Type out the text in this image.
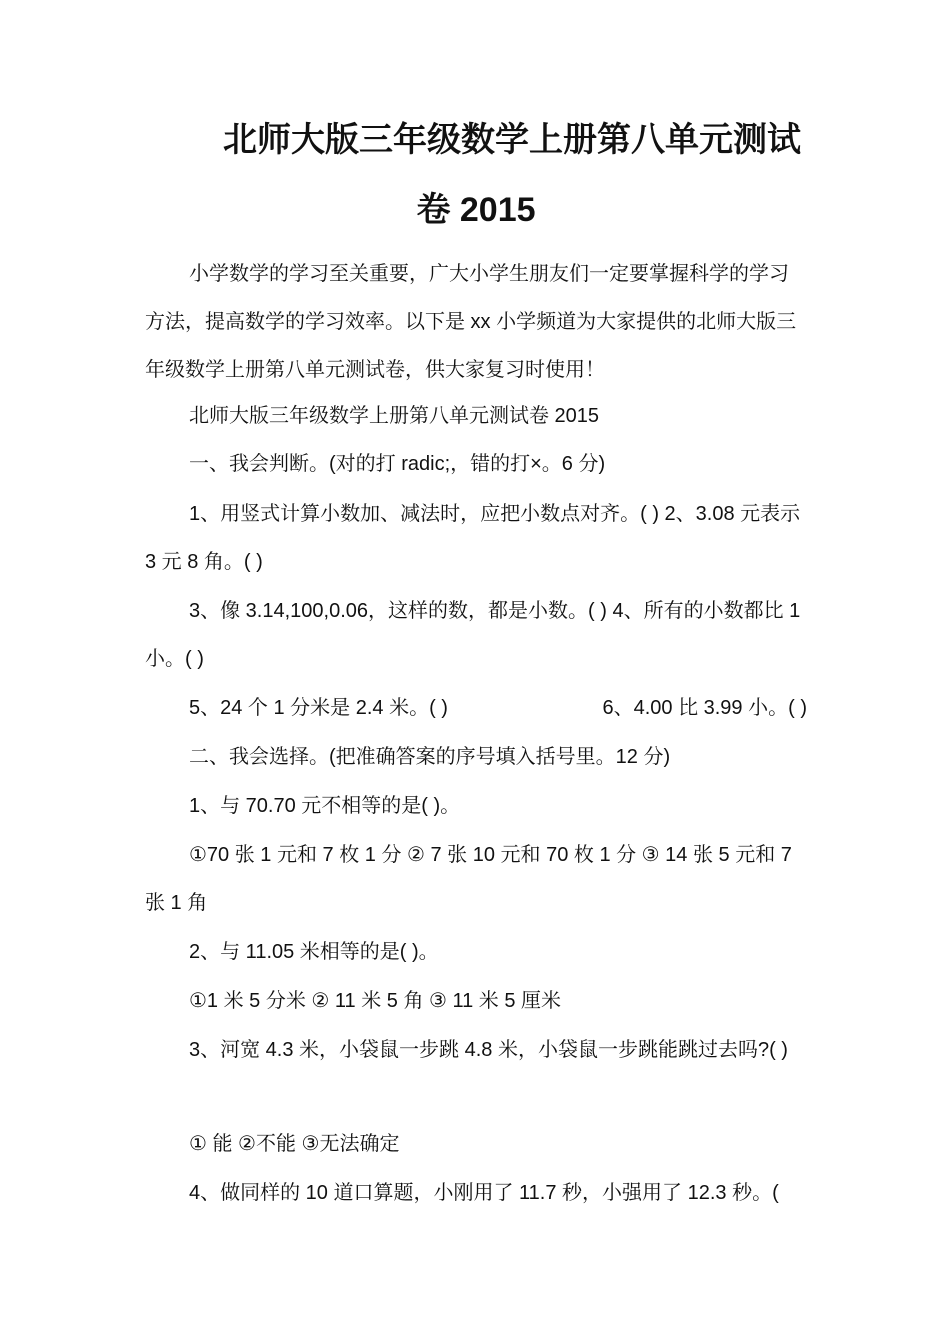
北师大版三年级数学上册第八单元测试
卷 2015
小学数学的学习至关重要，广大小学生朋友们一定要掌握科学的学习方法，提高数学的学习效率。以下是 xx 小学频道为大家提供的北师大版三年级数学上册第八单元测试卷，供大家复习时使用！
北师大版三年级数学上册第八单元测试卷 2015
一、我会判断。(对的打 radic;，错的打×。6 分)
1、用竖式计算小数加、减法时，应把小数点对齐。( ) 2、3.08 元表示 3 元 8 角。( )
3、像 3.14,100,0.06，这样的数，都是小数。( ) 4、所有的小数都比 1 小。( )
5、24 个 1 分米是 2.4 米。( )	6、4.00 比 3.99 小。( )
二、我会选择。(把准确答案的序号填入括号里。12 分)
1、与 70.70 元不相等的是( )。
①70 张 1 元和 7 枚 1 分 ② 7 张 10 元和 70 枚 1 分 ③ 14 张 5 元和 7 张 1 角
2、与 11.05 米相等的是( )。
①1 米 5 分米 ② 11 米 5 角 ③ 11 米 5 厘米
3、河宽 4.3 米，小袋鼠一步跳 4.8 米，小袋鼠一步跳能跳过去吗?( )
① 能 ②不能 ③无法确定
4、做同样的 10 道口算题，小刚用了 11.7 秒，小强用了 12.3 秒。(
